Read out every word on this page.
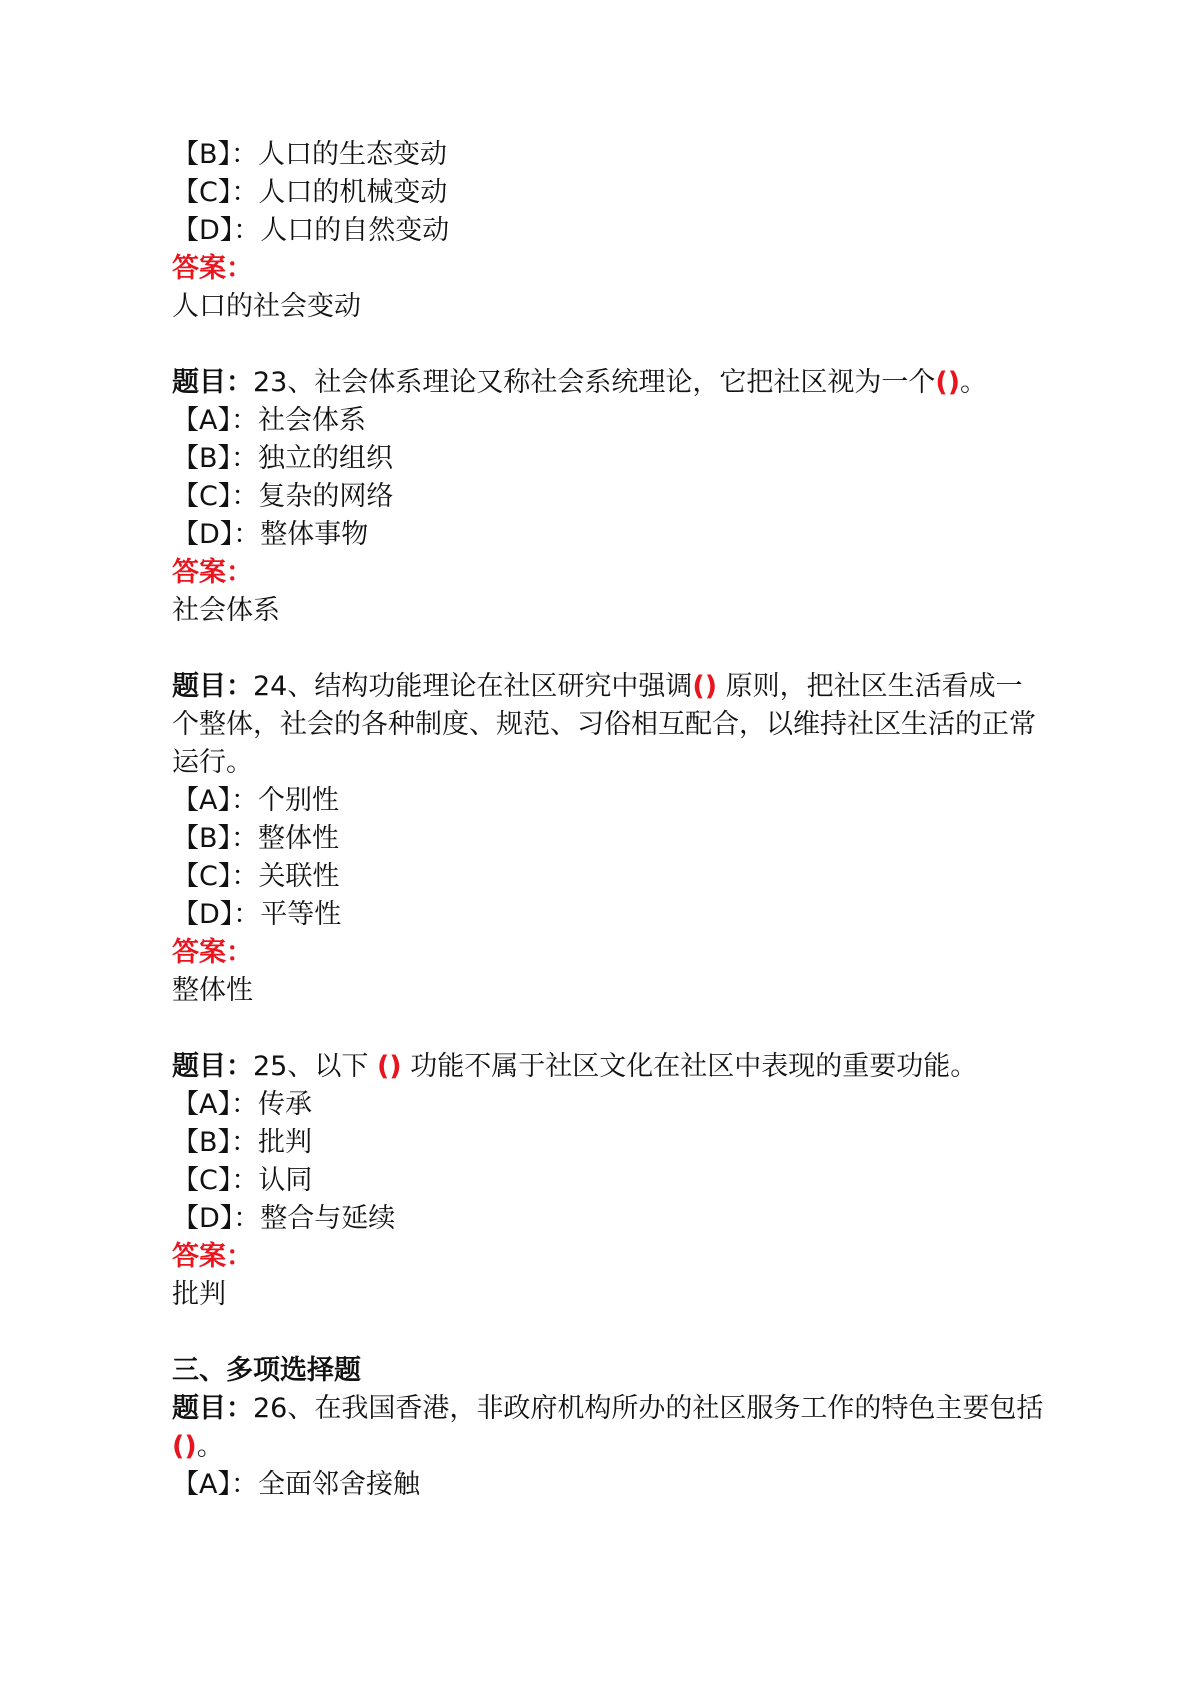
【B】：人口的生态变动
【C】：人口的机械变动
【D】：人口的自然变动
答案：
人口的社会变动
题目：23、社会体系理论又称社会系统理论，它把社区视为一个()。
【A】：社会体系
【B】：独立的组织
【C】：复杂的网络
【D】：整体事物
答案：
社会体系
题目：24、结构功能理论在社区研究中强调() 原则，把社区生活看成一
个整体，社会的各种制度、规范、习俗相互配合，以维持社区生活的正常
运行。
【A】：个别性
【B】：整体性
【C】：关联性
【D】：平等性
答案：
整体性
题目：25、以下 () 功能不属于社区文化在社区中表现的重要功能。
【A】：传承
【B】：批判
【C】：认同
【D】：整合与延续
答案：
批判
三、多项选择题
题目：26、在我国香港，非政府机构所办的社区服务工作的特色主要包括
()。
【A】：全面邻舍接触
